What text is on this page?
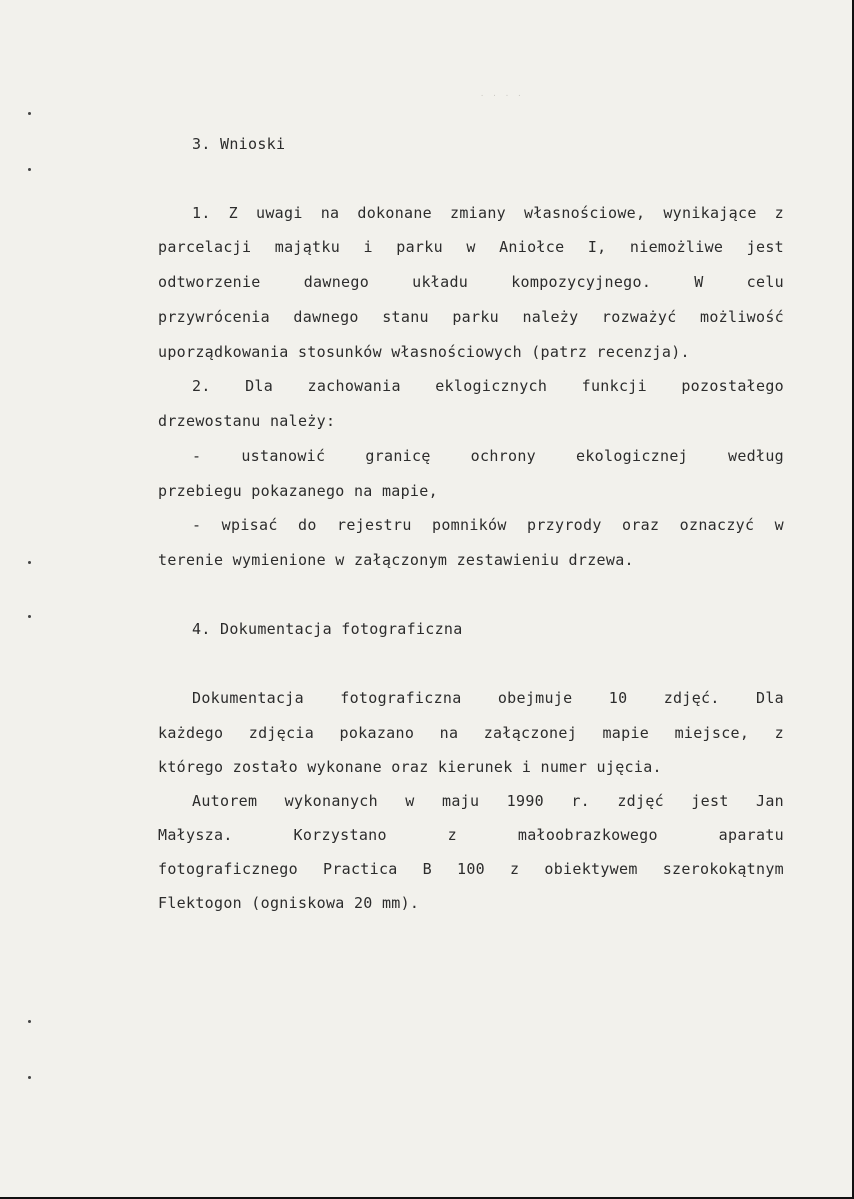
· · · ·
3. Wnioski
1. Z uwagi na dokonane zmiany własnościowe, wynikające z
parcelacji majątku i parku w Aniołce I, niemożliwe jest
odtworzenie dawnego układu kompozycyjnego. W celu
przywrócenia dawnego stanu parku należy rozważyć możliwość
uporządkowania stosunków własnościowych (patrz recenzja).
2. Dla zachowania eklogicznych funkcji pozostałego
drzewostanu należy:
- ustanowić granicę ochrony ekologicznej według
przebiegu pokazanego na mapie,
- wpisać do rejestru pomników przyrody oraz oznaczyć w
terenie wymienione w załączonym zestawieniu drzewa.
4. Dokumentacja fotograficzna
Dokumentacja fotograficzna obejmuje 10 zdjęć. Dla
każdego zdjęcia pokazano na załączonej mapie miejsce, z
którego zostało wykonane oraz kierunek i numer ujęcia.
Autorem wykonanych w maju 1990 r. zdjęć jest Jan
Małysza. Korzystano z małoobrazkowego aparatu
fotograficznego Practica B 100 z obiektywem szerokokątnym
Flektogon (ogniskowa 20 mm).
